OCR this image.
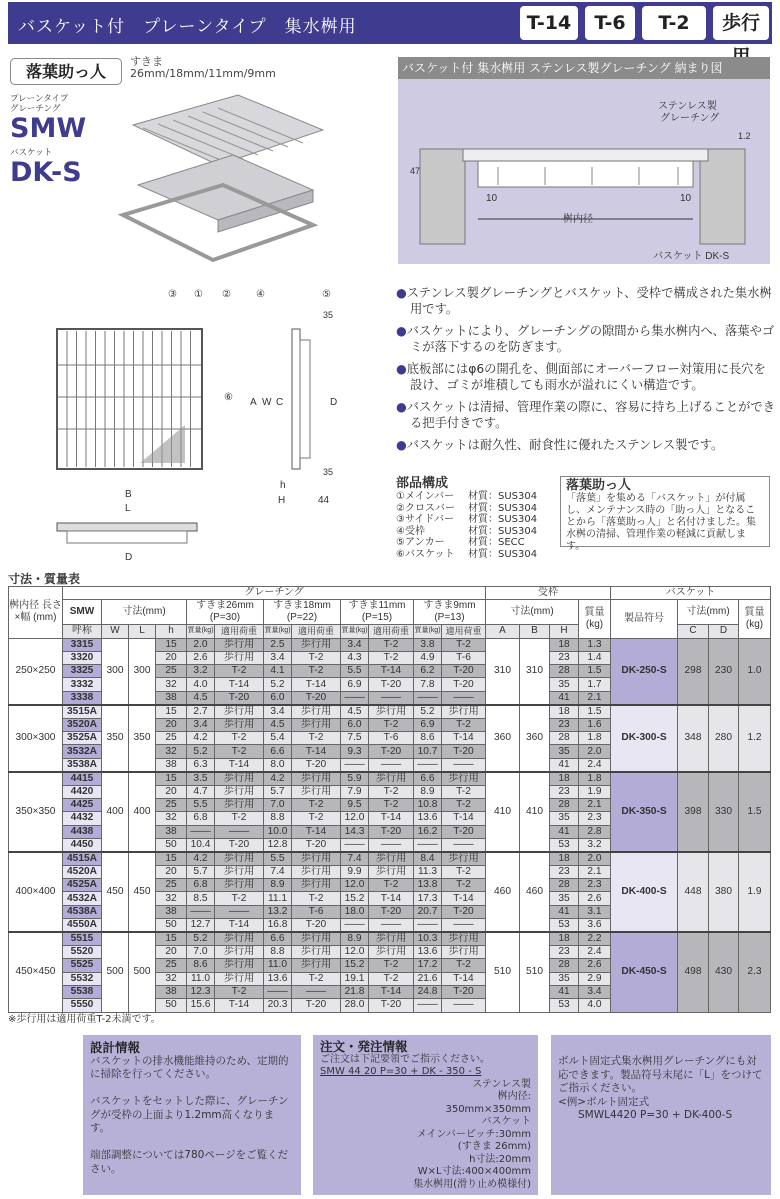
バスケット付　プレーンタイプ　集水桝用	T-14	T-6	T-2	歩行
落葉助っ人
すきま
26mm/18mm/11mm/9mm
プレーンタイプ
グレーチング
SMW
バスケット
DK-S
バスケット付 集水桝用 ステンレス製グレーチング 納まり図
桝内径
ステンレス製
グレーチング
1.2
47
10	10
バスケット DK-S
③ ① ②	④	⑤
⑥
B
L
D
A W C	D
35
35
h
H	44
● ステンレス製グレーチングとバスケット、受枠で構成された集水桝用です。
● バスケットにより、グレーチングの隙間から集水桝内へ、落葉やゴミが落下するのを防ぎます。
● 底板部にはφ6の開孔を、側面部にオーバーフロー対策用に長穴を設け、ゴミが堆積しても雨水が溢れにくい構造です。
● バスケットは清掃、管理作業の際に、容易に持ち上げることができる把手付きです。
● バスケットは耐久性、耐食性に優れたステンレス製です。
部品構成
①メインバー 材質：SUS304
②クロスバー 材質：SUS304
③サイドバー 材質：SUS304
④受枠	材質：SUS304
⑤アンカー 材質：SECC
⑥バスケット 材質：SUS304
落葉助っ人
「落葉」を集める「バスケット」が付属し、メンテナンス時の「助っ人」となることから「落葉助っ人」と名付けました。集水桝の清掃、管理作業の軽減に貢献します。
寸法・質量表
桝内径 長さ×幅 (mm)	グレーチング												受枠				バスケット			
	SMW	寸法(mm)			すきま26mm (P=30)		すきま18mm (P=22)		すきま11mm (P=15)		すきま9mm (P=13)		寸法(mm)			質量 (kg)	製品符号	寸法(mm)		質量 (kg)
	呼称	W	L	h	質量(kg)	適用荷重	質量(kg)	適用荷重	質量(kg)	適用荷重	質量(kg)	適用荷重	A	B	H			C	D	
250×250	3315	300	300	15	2.0	歩行用	2.5	歩行用	3.4	T-2	3.8	T-2	310	310	18	1.3	DK-250-S	298	230	1.0
	3320			20	2.6	歩行用	3.4	T-2	4.3	T-2	4.9	T-6			23	1.4				
	3325			25	3.2	T-2	4.1	T-2	5.5	T-14	6.2	T-20			28	1.5				
	3332			32	4.0	T-14	5.2	T-14	6.9	T-20	7.8	T-20			35	1.7				
	3338			38	4.5	T-20	6.0	T-20	——	——	——	——			41	2.1				
300×300	3515A	350	350	15	2.7	歩行用	3.4	歩行用	4.5	歩行用	5.2	歩行用	360	360	18	1.5	DK-300-S	348	280	1.2
	3520A			20	3.4	歩行用	4.5	歩行用	6.0	T-2	6.9	T-2			23	1.6				
	3525A			25	4.2	T-2	5.4	T-2	7.5	T-6	8.6	T-14			28	1.8				
	3532A			32	5.2	T-2	6.6	T-14	9.3	T-20	10.7	T-20			35	2.0				
	3538A			38	6.3	T-14	8.0	T-20	——	——	——	——			41	2.4				
350×350	4415	400	400	15	3.5	歩行用	4.2	歩行用	5.9	歩行用	6.6	歩行用	410	410	18	1.8	DK-350-S	398	330	1.5
	4420			20	4.7	歩行用	5.7	歩行用	7.9	T-2	8.9	T-2			23	1.9				
	4425			25	5.5	歩行用	7.0	T-2	9.5	T-2	10.8	T-2			28	2.1				
	4432			32	6.8	T-2	8.8	T-2	12.0	T-14	13.6	T-14			35	2.3				
	4438			38	——	——	10.0	T-14	14.3	T-20	16.2	T-20			41	2.8				
	4450			50	10.4	T-20	12.8	T-20	——	——	——	——			53	3.2				
400×400	4515A	450	450	15	4.2	歩行用	5.5	歩行用	7.4	歩行用	8.4	歩行用	460	460	18	2.0	DK-400-S	448	380	1.9
	4520A			20	5.7	歩行用	7.4	歩行用	9.9	歩行用	11.3	T-2			23	2.1				
	4525A			25	6.8	歩行用	8.9	歩行用	12.0	T-2	13.8	T-2			28	2.3				
	4532A			32	8.5	T-2	11.1	T-2	15.2	T-14	17.3	T-14			35	2.6				
	4538A			38	——	——	13.2	T-6	18.0	T-20	20.7	T-20			41	3.1				
	4550A			50	12.7	T-14	16.8	T-20	——	——	——	——			53	3.6				
450×450	5515	500	500	15	5.2	歩行用	6.6	歩行用	8.9	歩行用	10.3	歩行用	510	510	18	2.2	DK-450-S	498	430	2.3
	5520			20	7.0	歩行用	8.8	歩行用	12.0	歩行用	13.6	歩行用			23	2.4				
	5525			25	8.6	歩行用	11.0	歩行用	15.2	T-2	17.2	T-2			28	2.6				
	5532			32	11.0	歩行用	13.6	T-2	19.1	T-2	21.6	T-14			35	2.9				
	5538			38	12.3	T-2	——	——	21.8	T-14	24.8	T-20			41	3.4				
	5550			50	15.6	T-14	20.3	T-20	28.0	T-20	——	——			53	4.0				
※歩行用は適用荷重T-2未満です。
設計情報
バスケットの排水機能維持のため、定期的に掃除を行ってください。

バスケットをセットした際に、グレーチングが受枠の上面より1.2mm高くなります。

端部調整については780ページをご覧ください。
注文・発注情報
ご注文は下記要領でご指示ください。
SMW 44 20 P=30 + DK - 350 - S
ステンレス製
桝内径:
350mm×350mm
バスケット
メインバーピッチ:30mm
(すきま 26mm)
h寸法:20mm
W×L寸法:400×400mm
集水桝用(滑り止め模様付)
ボルト固定式集水桝用グレーチングにも対応できます。製品符号末尾に「L」をつけてご指示ください。
<例>ボルト固定式
SMWL4420 P=30 + DK-400-S
